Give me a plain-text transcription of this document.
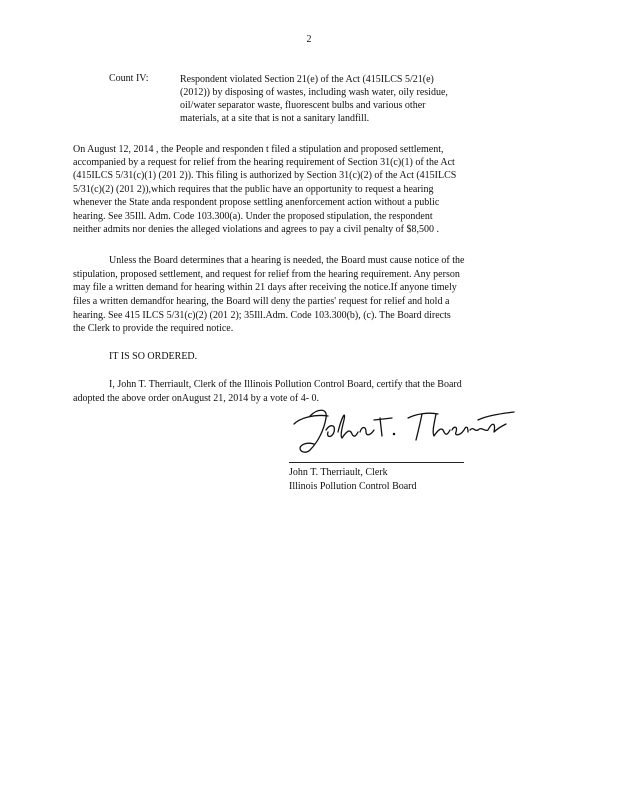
2
Count IV:	Respondent violated Section 21(e) of the Act (415ILCS 5/21(e)
(2012)) by disposing of wastes, including wash water, oily residue,
oil/water separator waste, fluorescent bulbs and various other
materials, at a site that is not a sanitary landfill.
On August 12, 2014 , the People and responden t filed a stipulation and proposed settlement,
accompanied by a request for relief from the hearing requirement of Section 31(c)(1) of the Act
(415ILCS 5/31(c)(1) (201 2)). This filing is authorized by Section 31(c)(2) of the Act (415ILCS
5/31(c)(2) (201 2)),which requires that the public have an opportunity to request a hearing
whenever the State anda respondent propose settling anenforcement action without a public
hearing. See 35Ill. Adm. Code 103.300(a). Under the proposed stipulation, the respondent
neither admits nor denies the alleged violations and agrees to pay a civil penalty of $8,500 .
Unless the Board determines that a hearing is needed, the Board must cause notice of the
stipulation, proposed settlement, and request for relief from the hearing requirement. Any person
may file a written demand for hearing within 21 days after receiving the notice.If anyone timely
files a written demandfor hearing, the Board will deny the parties' request for relief and hold a
hearing. See 415 ILCS 5/31(c)(2) (201 2); 35Ill.Adm. Code 103.300(b), (c). The Board directs
the Clerk to provide the required notice.
IT IS SO ORDERED.
I, John T. Therriault, Clerk of the Illinois Pollution Control Board, certify that the Board
adopted the above order onAugust 21, 2014 by a vote of 4- 0.
John T. Therriault, Clerk
Illinois Pollution Control Board
